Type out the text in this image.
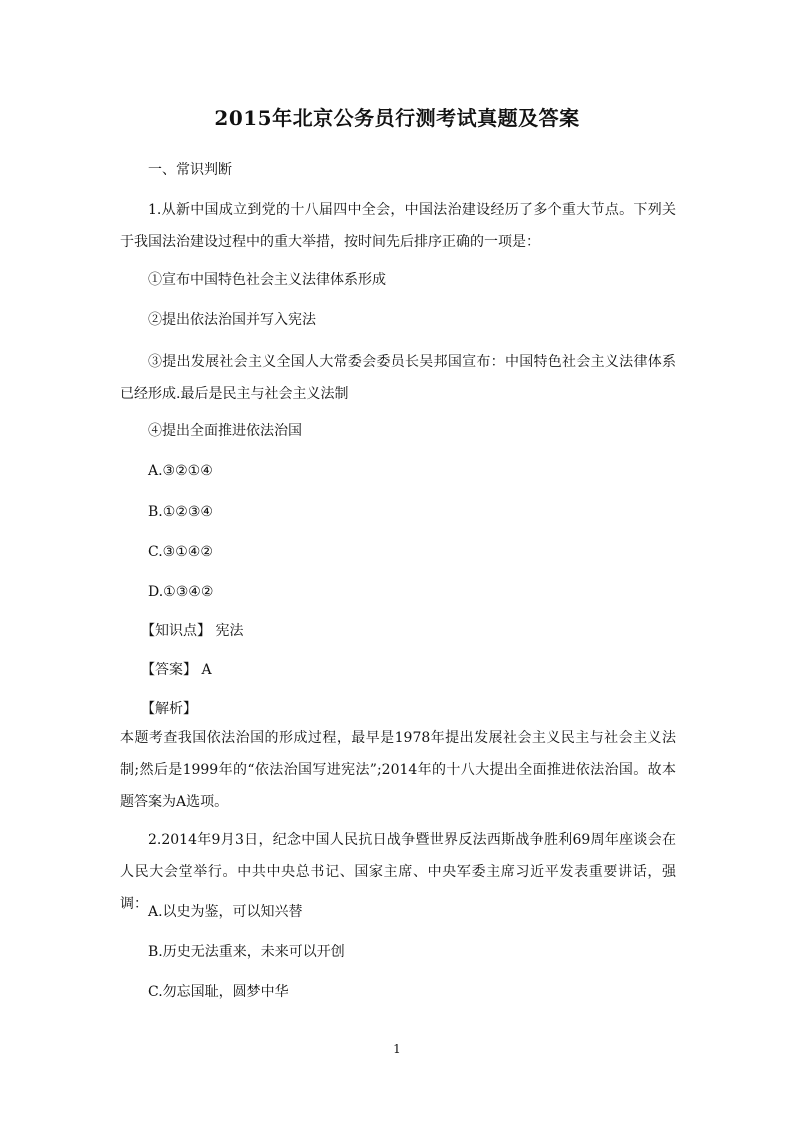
2015年北京公务员行测考试真题及答案
一、常识判断
1.从新中国成立到党的十八届四中全会，中国法治建设经历了多个重大节点。下列关于我国法治建设过程中的重大举措，按时间先后排序正确的一项是：
①宣布中国特色社会主义法律体系形成
②提出依法治国并写入宪法
③提出发展社会主义全国人大常委会委员长吴邦国宣布：中国特色社会主义法律体系已经形成.最后是民主与社会主义法制
④提出全面推进依法治国
A.③②①④
B.①②③④
C.③①④②
D.①③④②
【知识点】 宪法
【答案】 A
【解析】
本题考查我国依法治国的形成过程，最早是1978年提出发展社会主义民主与社会主义法制;然后是1999年的“依法治国写进宪法”;2014年的十八大提出全面推进依法治国。故本题答案为A选项。
2.2014年9月3日，纪念中国人民抗日战争暨世界反法西斯战争胜利69周年座谈会在人民大会堂举行。中共中央总书记、国家主席、中央军委主席习近平发表重要讲话，强调： A.以史为鉴，可以知兴替
B.历史无法重来，未来可以开创
C.勿忘国耻，圆梦中华
1
